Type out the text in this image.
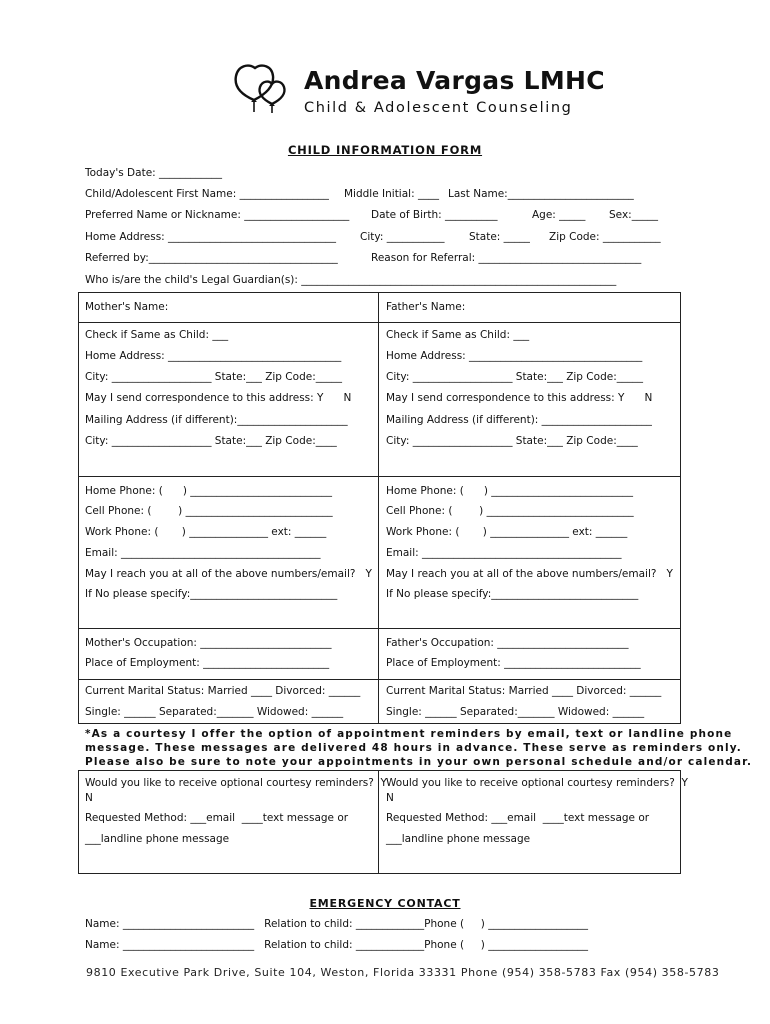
Andrea Vargas LMHC
Child & Adolescent Counseling
CHILD INFORMATION FORM
Today's Date: ____________
Child/Adolescent First Name: _________________ Middle Initial: ____ Last Name:________________________
Preferred Name or Nickname: ____________________ Date of Birth: __________	Age: _____ Sex:_____
Home Address: ________________________________ City: ___________ State: _____ Zip Code: ___________
Referred by:____________________________________	Reason for Referral: _______________________________
Who is/are the child's Legal Guardian(s): ____________________________________________________________
Mother's Name:
Check if Same as Child: ___
Home Address: _________________________________
City: ___________________ State:___ Zip Code:_____
May I send correspondence to this address: Y      N
Mailing Address (if different):_____________________
City: ___________________ State:___ Zip Code:____
Home Phone: (      ) ___________________________
Cell Phone: (        ) ____________________________
Work Phone: (       ) _______________ ext: ______
Email: ______________________________________
May I reach you at all of the above numbers/email?   Y
If No please specify:____________________________
Mother's Occupation: _________________________
Place of Employment: ________________________
Current Marital Status: Married ____ Divorced: ______
Single: ______ Separated:_______ Widowed: ______
Father's Name:
Check if Same as Child: ___
Home Address: _________________________________
City: ___________________ State:___ Zip Code:_____
May I send correspondence to this address: Y      N
Mailing Address (if different): _____________________
City: ___________________ State:___ Zip Code:____
Home Phone: (      ) ___________________________
Cell Phone: (        ) ____________________________
Work Phone: (       ) _______________ ext: ______
Email: ______________________________________
May I reach you at all of the above numbers/email?   Y
If No please specify:____________________________
Father's Occupation: _________________________
Place of Employment: __________________________
Current Marital Status: Married ____ Divorced: ______
Single: ______ Separated:_______ Widowed: ______
*As a courtesy I offer the option of appointment reminders by email, text or landline phone
message. These messages are delivered 48 hours in advance. These serve as reminders only.
Please also be sure to note your appointments in your own personal schedule and/or calendar.
Would you like to receive optional courtesy reminders?  Y
N
Requested Method: ___email  ____text message or
___landline phone message
Would you like to receive optional courtesy reminders?  Y
N
Requested Method: ___email  ____text message or
___landline phone message
EMERGENCY CONTACT
Name: _________________________   Relation to child: _____________Phone (     ) ___________________
Name: _________________________   Relation to child: _____________Phone (     ) ___________________
9810 Executive Park Drive, Suite 104, Weston, Florida 33331 Phone (954) 358-5783 Fax (954) 358-5783
